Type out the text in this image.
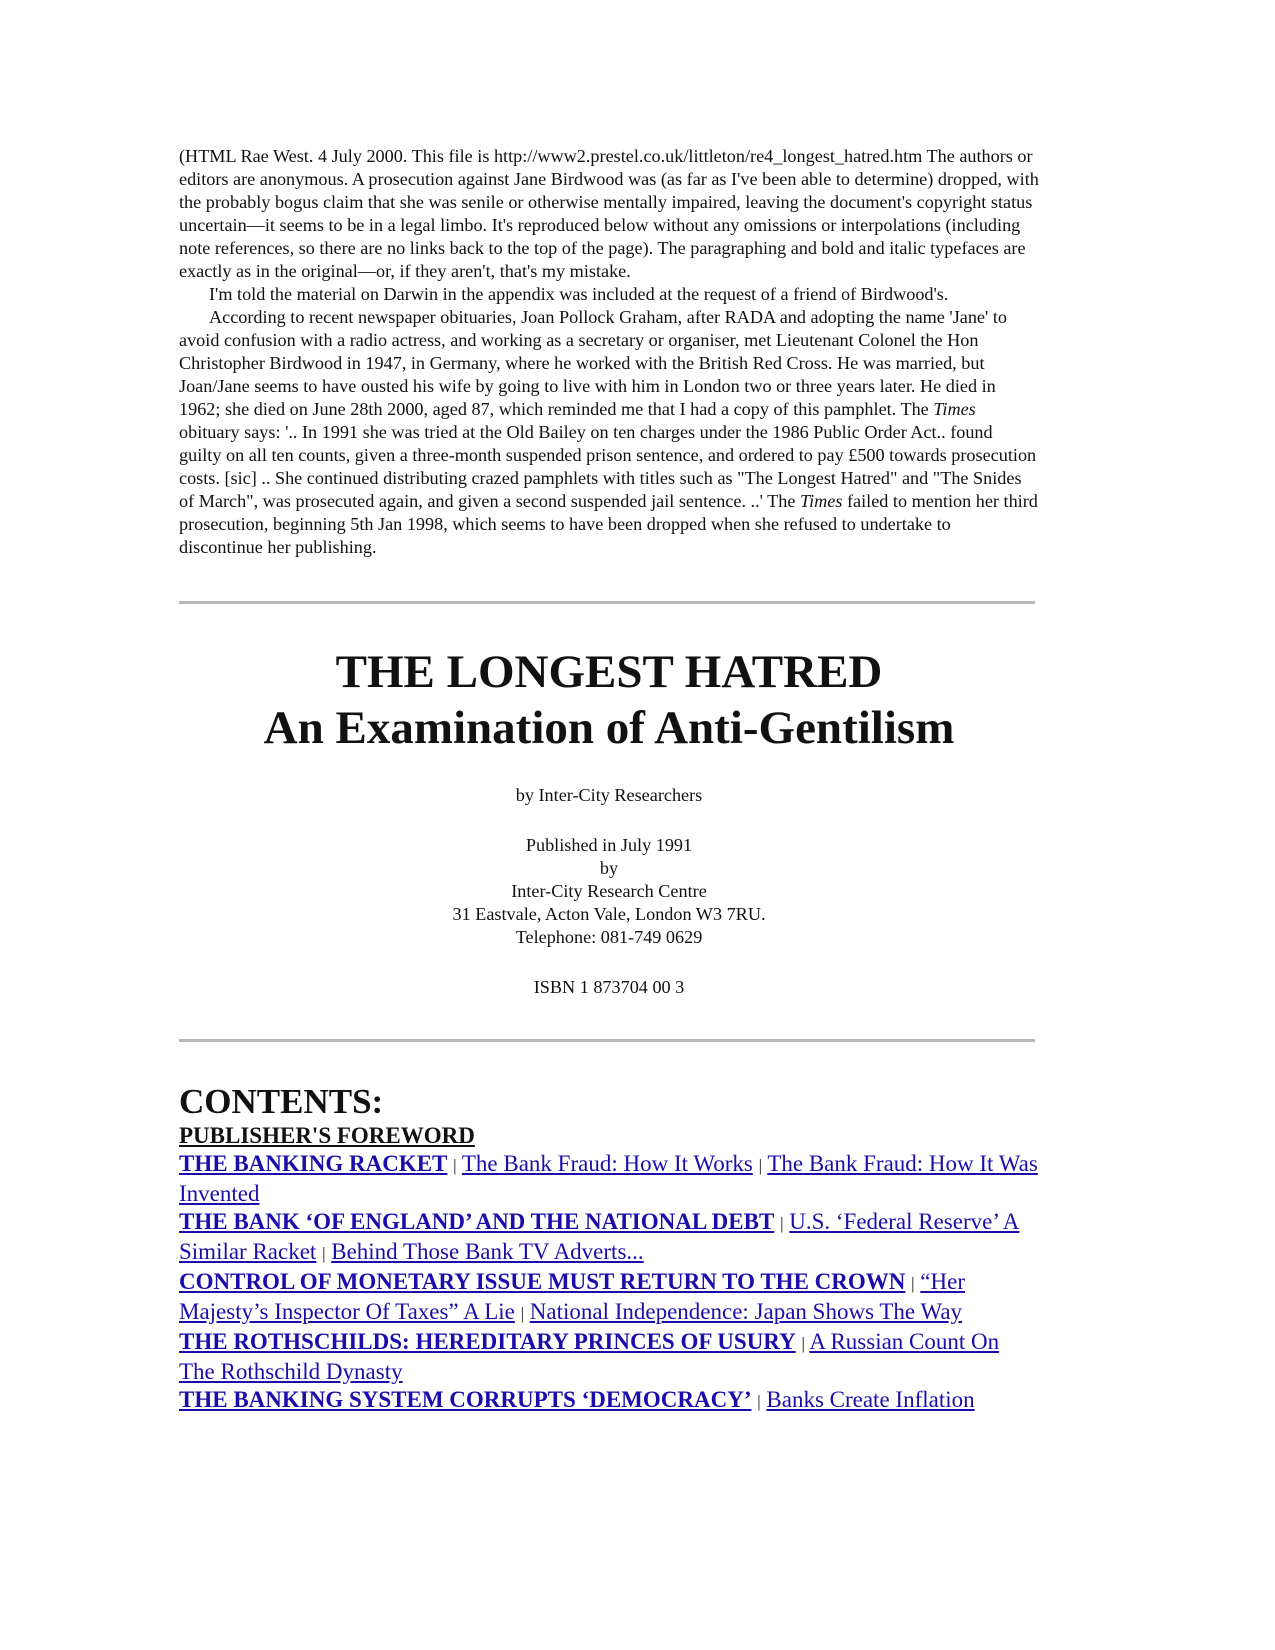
(HTML Rae West. 4 July 2000. This file is http://www2.prestel.co.uk/littleton/re4_longest_hatred.htm The authors or editors are anonymous. A prosecution against Jane Birdwood was (as far as I've been able to determine) dropped, with the probably bogus claim that she was senile or otherwise mentally impaired, leaving the document's copyright status uncertain—it seems to be in a legal limbo. It's reproduced below without any omissions or interpolations (including note references, so there are no links back to the top of the page). The paragraphing and bold and italic typefaces are exactly as in the original—or, if they aren't, that's my mistake.

I'm told the material on Darwin in the appendix was included at the request of a friend of Birdwood's.

According to recent newspaper obituaries, Joan Pollock Graham, after RADA and adopting the name 'Jane' to avoid confusion with a radio actress, and working as a secretary or organiser, met Lieutenant Colonel the Hon Christopher Birdwood in 1947, in Germany, where he worked with the British Red Cross. He was married, but Joan/Jane seems to have ousted his wife by going to live with him in London two or three years later. He died in 1962; she died on June 28th 2000, aged 87, which reminded me that I had a copy of this pamphlet. The Times obituary says: '.. In 1991 she was tried at the Old Bailey on ten charges under the 1986 Public Order Act.. found guilty on all ten counts, given a three-month suspended prison sentence, and ordered to pay £500 towards prosecution costs. [sic] .. She continued distributing crazed pamphlets with titles such as "The Longest Hatred" and "The Snides of March", was prosecuted again, and given a second suspended jail sentence. ..' The Times failed to mention her third prosecution, beginning 5th Jan 1998, which seems to have been dropped when she refused to undertake to discontinue her publishing.

THE LONGEST HATRED
An Examination of Anti-Gentilism
by Inter-City Researchers
Published in July 1991
by
Inter-City Research Centre
31 Eastvale, Acton Vale, London W3 7RU.
Telephone: 081-749 0629
ISBN 1 873704 00 3
CONTENTS:
PUBLISHER'S FOREWORD
THE BANKING RACKET | The Bank Fraud: How It Works | The Bank Fraud: How It Was Invented
THE BANK ‘OF ENGLAND’ AND THE NATIONAL DEBT | U.S. ‘Federal Reserve’ A Similar Racket | Behind Those Bank TV Adverts...
CONTROL OF MONETARY ISSUE MUST RETURN TO THE CROWN | “Her Majesty’s Inspector Of Taxes” A Lie | National Independence: Japan Shows The Way
THE ROTHSCHILDS: HEREDITARY PRINCES OF USURY | A Russian Count On The Rothschild Dynasty
THE BANKING SYSTEM CORRUPTS ‘DEMOCRACY’ | Banks Create Inflation
